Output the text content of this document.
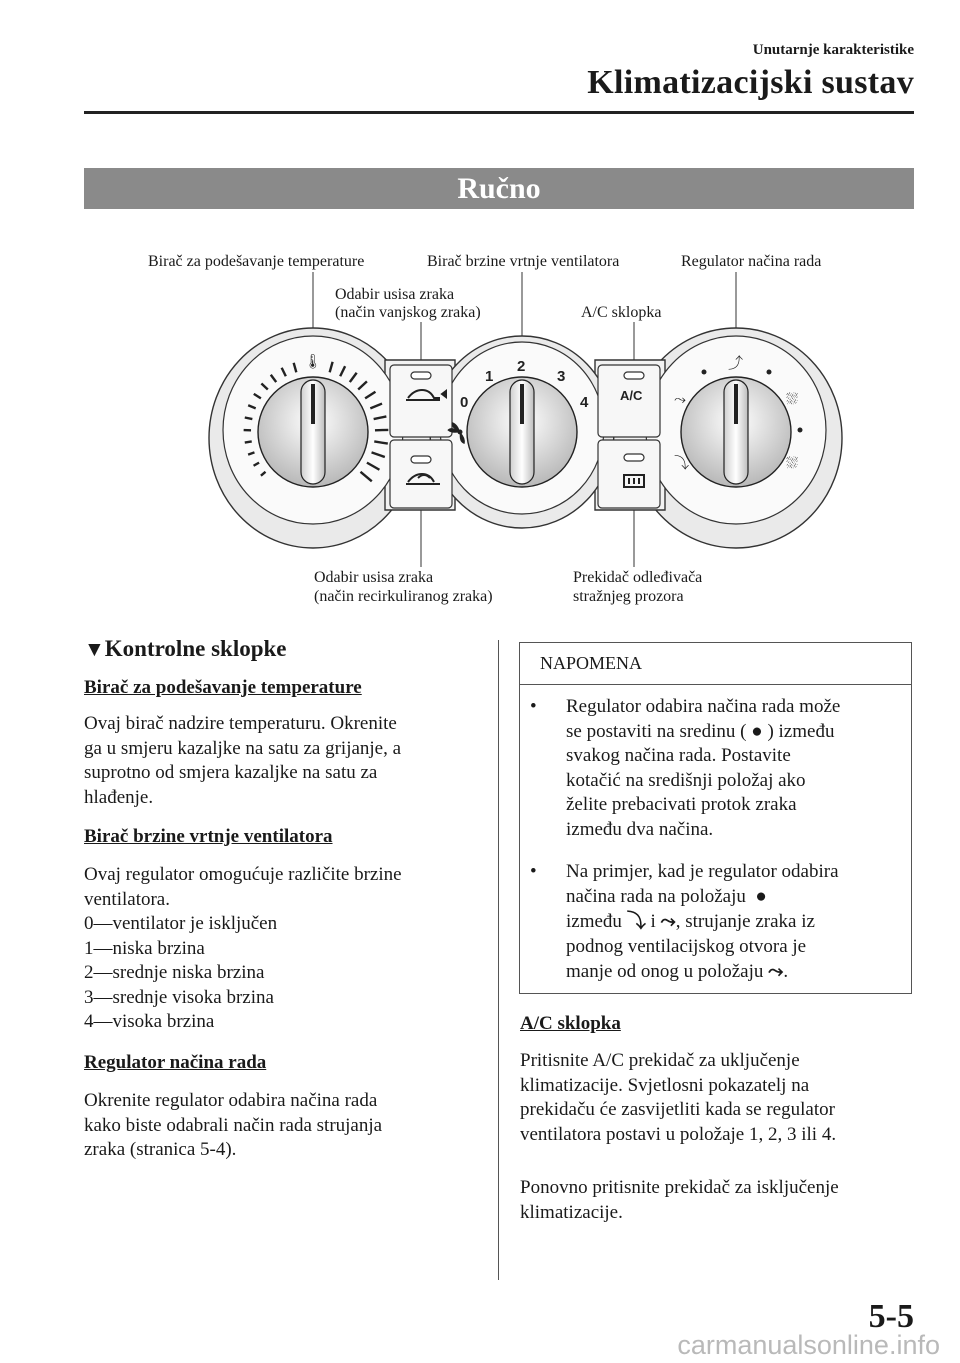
Unutarnje karakteristike
Klimatizacijski sustav
Ručno
Birač za podešavanje temperature	Birač brzine vrtnje ventilatora	Regulator načina rada
Odabir usisa zraka
(način vanjskog zraka)	A/C sklopka
Odabir usisa zraka
(način recirkuliranog zraka)
Prekidač odleđivača
stražnjeg prozora
A/C
0
1
2
3
4
⤴
⤳
⤵
⛆
⛆
🌡
▼Kontrolne sklopke
Birač za podešavanje temperature
Ovaj birač nadzire temperaturu. Okrenite
ga u smjeru kazaljke na satu za grijanje, a
suprotno od smjera kazaljke na satu za
hlađenje.
Birač brzine vrtnje ventilatora
Ovaj regulator omogućuje različite brzine
ventilatora.
0—ventilator je isključen
1—niska brzina
2—srednje niska brzina
3—srednje visoka brzina
4—visoka brzina
Regulator načina rada
Okrenite regulator odabira načina rada
kako biste odabrali način rada strujanja
zraka (stranica 5-4).
NAPOMENA
• Regulator odabira načina rada može
se postaviti na sredinu ( ● ) između
svakog načina rada. Postavite
kotačić na središnji položaj ako
želite prebacivati protok zraka
između dva načina.
• Na primjer, kad je regulator odabira
načina rada na položaju ●
između ⤵ i ⤳, strujanje zraka iz
podnog ventilacijskog otvora je
manje od onog u položaju ⤳.
A/C sklopka
Pritisnite A/C prekidač za uključenje
klimatizacije. Svjetlosni pokazatelj na
prekidaču će zasvijetliti kada se regulator
ventilatora postavi u položaje 1, 2, 3 ili 4.
Ponovno pritisnite prekidač za isključenje
klimatizacije.
5-5
carmanualsonline.info
